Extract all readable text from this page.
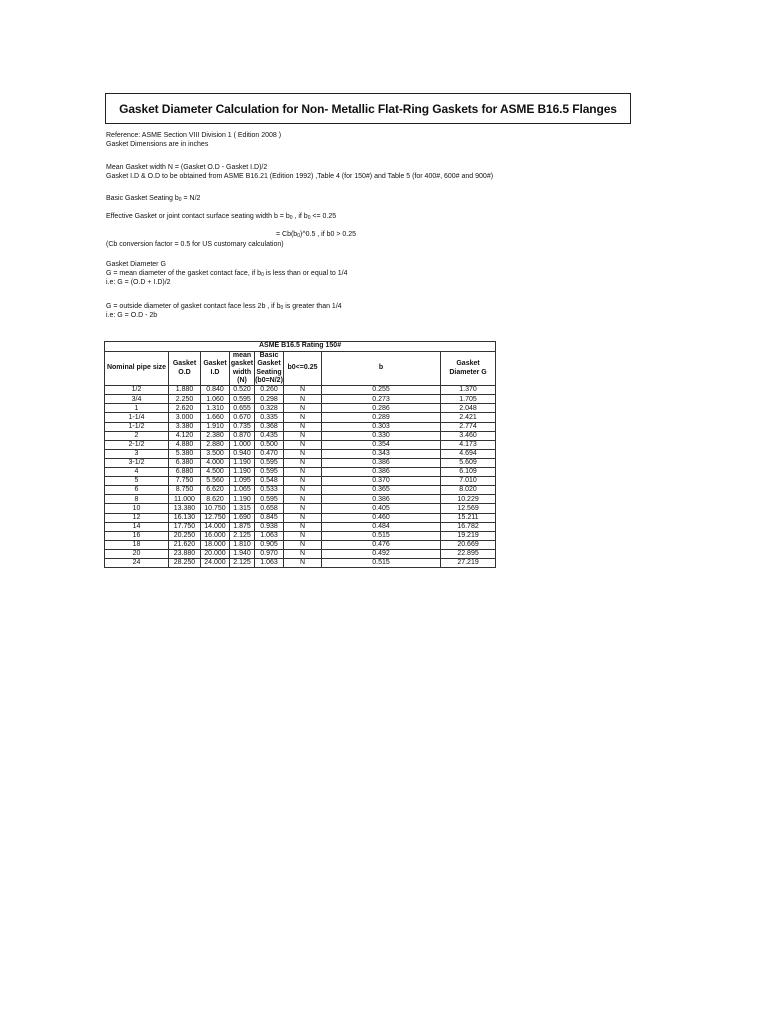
Gasket Diameter Calculation for Non- Metallic Flat-Ring Gaskets for ASME B16.5 Flanges
Reference: ASME Section VIII Division 1 ( Edition 2008 )
Gasket Dimensions are in inches
Mean Gasket width N = (Gasket O.D - Gasket I.D)/2
Gasket I.D & O.D to be obtained from ASME B16.21 (Edition 1992) ,Table 4 (for 150#) and Table 5 (for 400#, 600# and 900#)
Basic Gasket Seating $b_0 = N/2$
Effective Gasket or joint contact surface seating width $b = b_0$ , if $b_0 <= 0.25$
= $Cb(b_0)\^{}0.5$ , if b0 > 0.25
(Cb conversion factor = 0.5 for US customary calculation)
Gasket Diameter G
G = mean diameter of the gasket contact face, if $b_0$ is less than or equal to 1/4
i.e: G = (O.D + I.D)/2
G = outside diameter of gasket contact face less 2b , if $b_0$ is greater than 1/4
i.e: G = O.D - 2b
ASME B16.5 Rating 150#							
Nominal pipe size	Gasket O.D	Gasket I.D	mean gasket width (N)	Basic Gasket Seating (b0=N/2)	b0<=0.25	b	Gasket Diameter G
1/2	1.880	0.840	0.520	0.260	N	0.255	1.370
3/4	2.250	1.060	0.595	0.298	N	0.273	1.705
1	2.620	1.310	0.655	0.328	N	0.286	2.048
1-1/4	3.000	1.660	0.670	0.335	N	0.289	2.421
1-1/2	3.380	1.910	0.735	0.368	N	0.303	2.774
2	4.120	2.380	0.870	0.435	N	0.330	3.460
2-1/2	4.880	2.880	1.000	0.500	N	0.354	4.173
3	5.380	3.500	0.940	0.470	N	0.343	4.694
3-1/2	6.380	4.000	1.190	0.595	N	0.386	5.609
4	6.880	4.500	1.190	0.595	N	0.386	6.109
5	7.750	5.560	1.095	0.548	N	0.370	7.010
6	8.750	6.620	1.065	0.533	N	0.365	8.020
8	11.000	8.620	1.190	0.595	N	0.386	10.229
10	13.380	10.750	1.315	0.658	N	0.405	12.569
12	16.130	12.750	1.690	0.845	N	0.460	15.211
14	17.750	14.000	1.875	0.938	N	0.484	16.782
16	20.250	16.000	2.125	1.063	N	0.515	19.219
18	21.620	18.000	1.810	0.905	N	0.476	20.669
20	23.880	20.000	1.940	0.970	N	0.492	22.895
24	28.250	24.000	2.125	1.063	N	0.515	27.219
